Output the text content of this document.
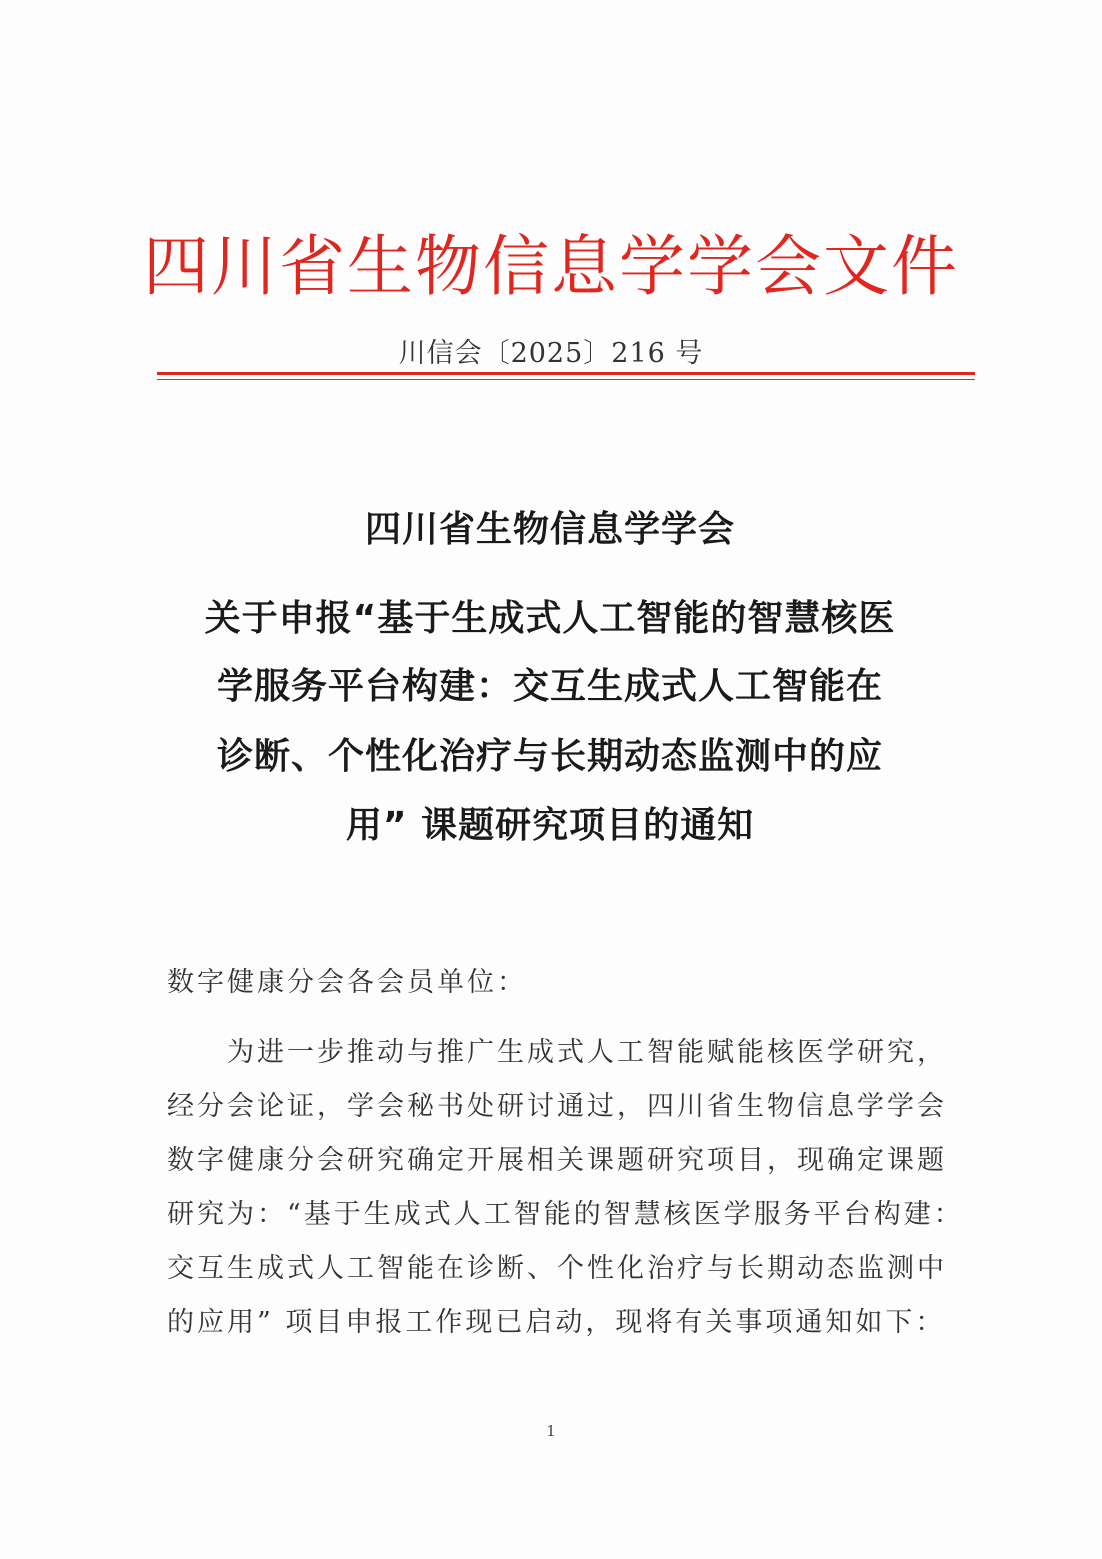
四川省生物信息学学会文件
川信会〔2025〕216 号
四川省生物信息学学会
关于申报“基于生成式人工智能的智慧核医
学服务平台构建：交互生成式人工智能在
诊断、个性化治疗与长期动态监测中的应
用” 课题研究项目的通知
数字健康分会各会员单位：
为进一步推动与推广生成式人工智能赋能核医学研究，
经分会论证，学会秘书处研讨通过，四川省生物信息学学会
数字健康分会研究确定开展相关课题研究项目，现确定课题
研究为：“基于生成式人工智能的智慧核医学服务平台构建：
交互生成式人工智能在诊断、个性化治疗与长期动态监测中
的应用” 项目申报工作现已启动，现将有关事项通知如下：
1
